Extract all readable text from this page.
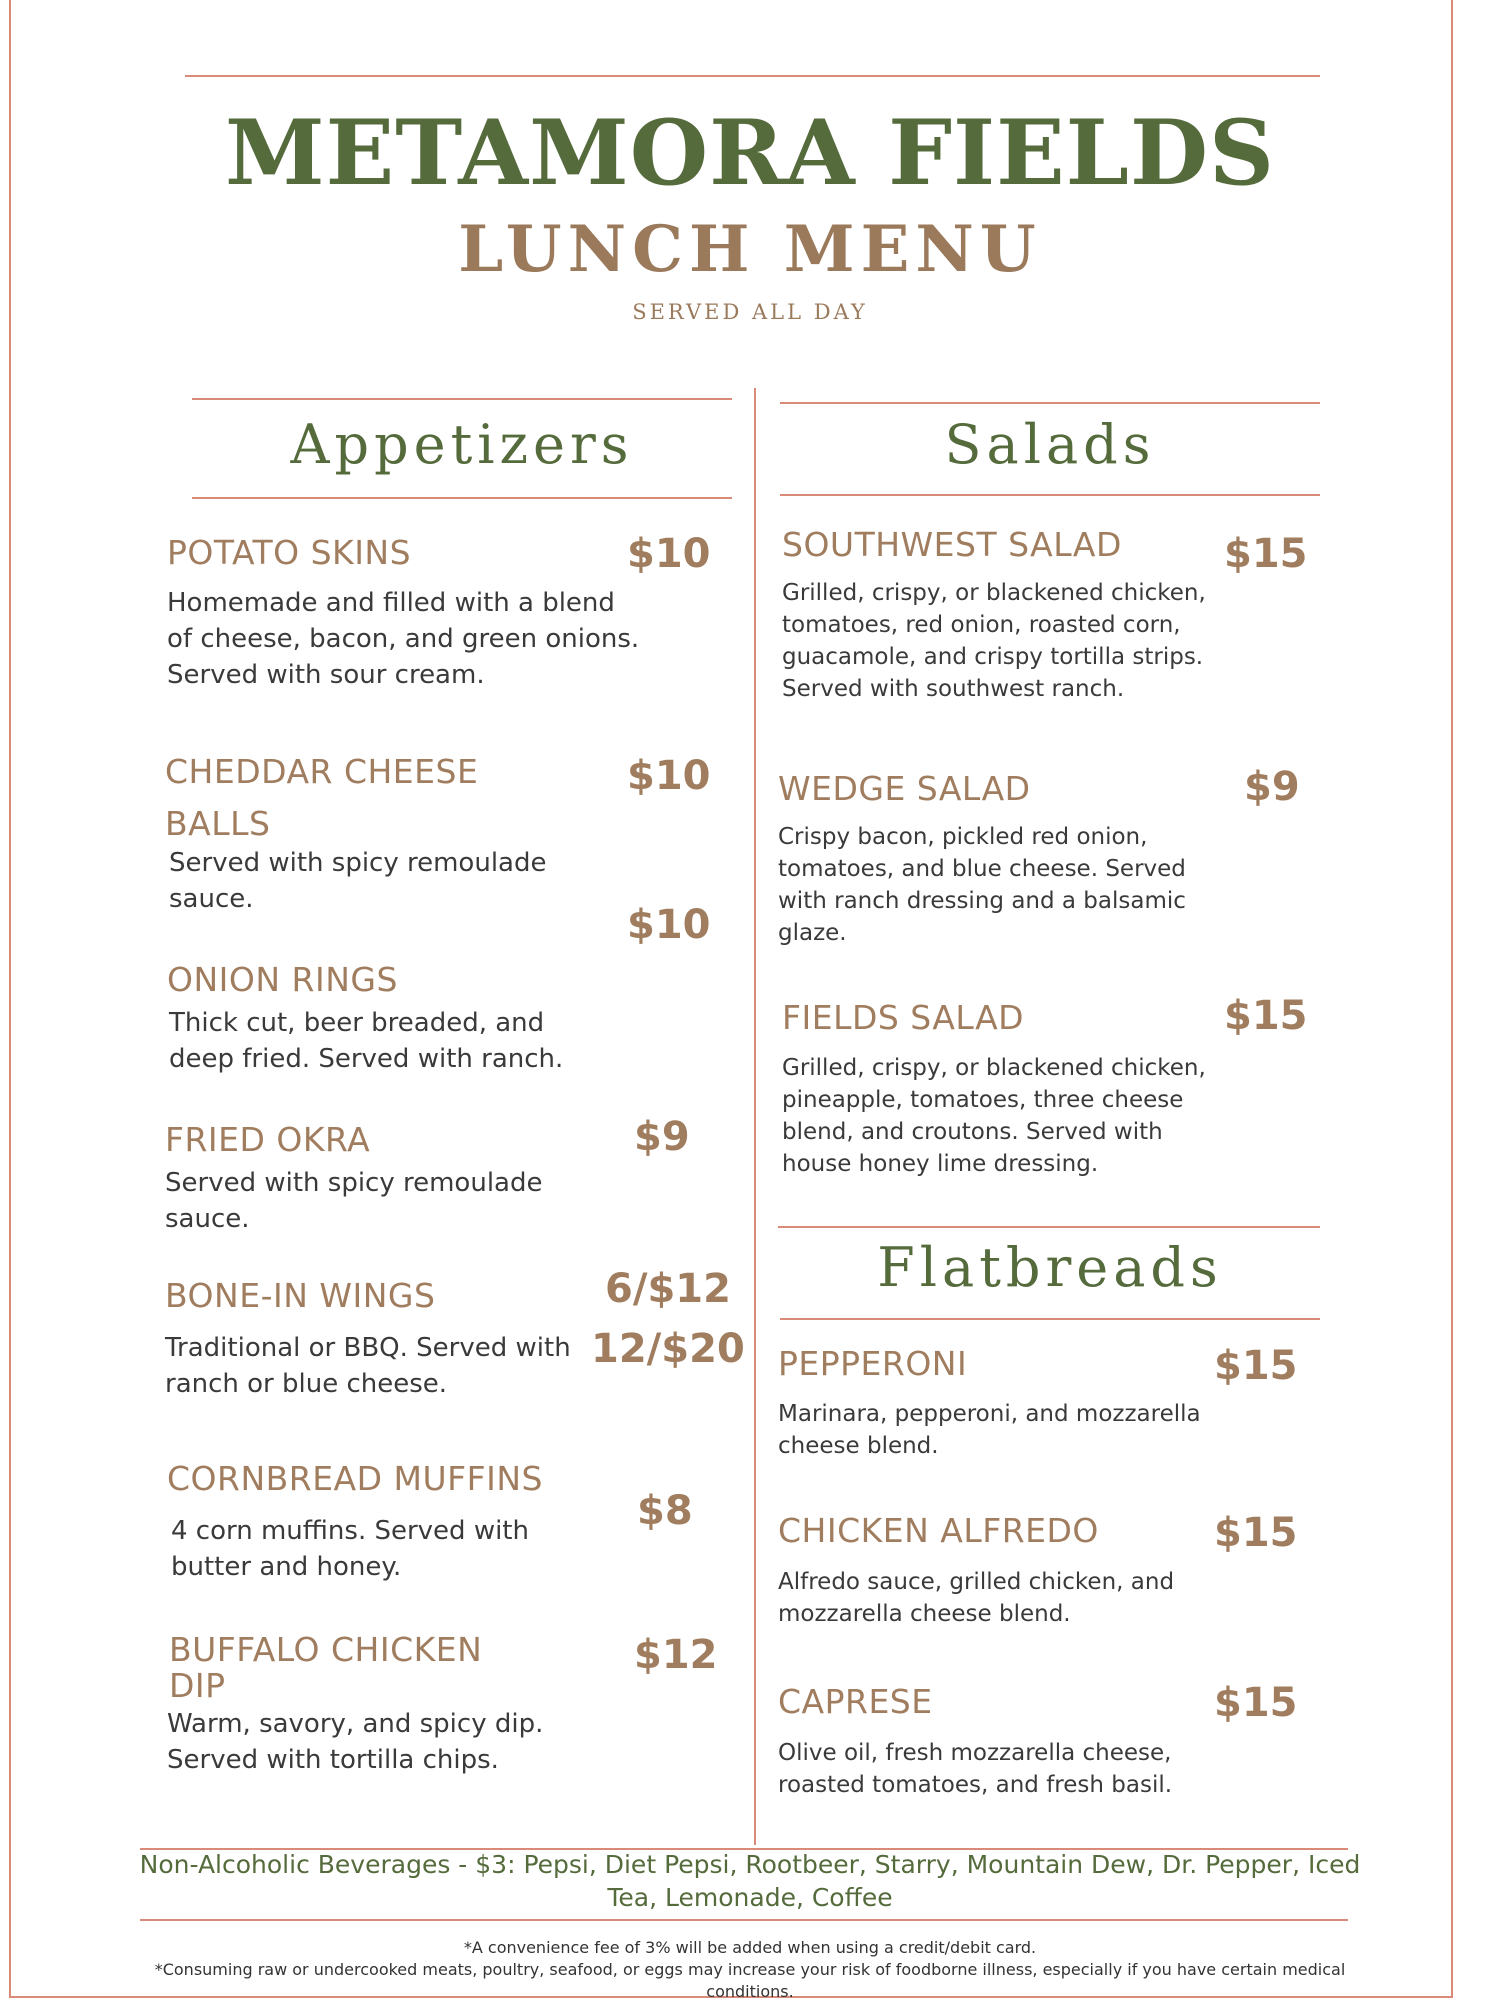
METAMORA FIELDS
LUNCH MENU

SERVED ALL DAY

Appetizers

POTATO SKINS	$10

Homemade and filled with a blend of cheese, bacon, and green onions.
Served with sour cream.

CHEDDAR CHEESE BALLS

$10

Served with spicy remoulade sauce.

$10

ONION RINGS

Thick cut, beer breaded, and deep fried. Served with ranch.

FRIED OKRA	$9

Served with spicy remoulade sauce.

BONE-IN WINGS	6/$12

12/$20

Traditional or BBQ. Served with ranch or blue cheese.

CORNBREAD MUFFINS

$8

4 corn muffins. Served with butter and honey.

BUFFALO CHICKEN DIP

$12

Warm, savory, and spicy dip. Served with tortilla chips.

Salads

SOUTHWEST SALAD	$15

Grilled, crispy, or blackened chicken, tomatoes, red onion, roasted corn, guacamole, and crispy tortilla strips.
Served with southwest ranch.

WEDGE SALAD	$9

Crispy bacon, pickled red onion, tomatoes, and blue cheese. Served with ranch dressing and a balsamic glaze.

FIELDS SALAD	$15

Grilled, crispy, or blackened chicken, pineapple, tomatoes, three cheese blend, and croutons. Served with house honey lime dressing.

Flatbreads

PEPPERONI	$15

Marinara, pepperoni, and mozzarella cheese blend.

CHICKEN ALFREDO	$15

Alfredo sauce, grilled chicken, and mozzarella cheese blend.

CAPRESE	$15

Olive oil, fresh mozzarella cheese, roasted tomatoes, and fresh basil.

Non-Alcoholic Beverages - $3: Pepsi, Diet Pepsi, Rootbeer, Starry, Mountain Dew, Dr. Pepper, Iced Tea, Lemonade, Coffee

*A convenience fee of 3% will be added when using a credit/debit card.

*Consuming raw or undercooked meats, poultry, seafood, or eggs may increase your risk of foodborne illness, especially if you have certain medical conditions.
